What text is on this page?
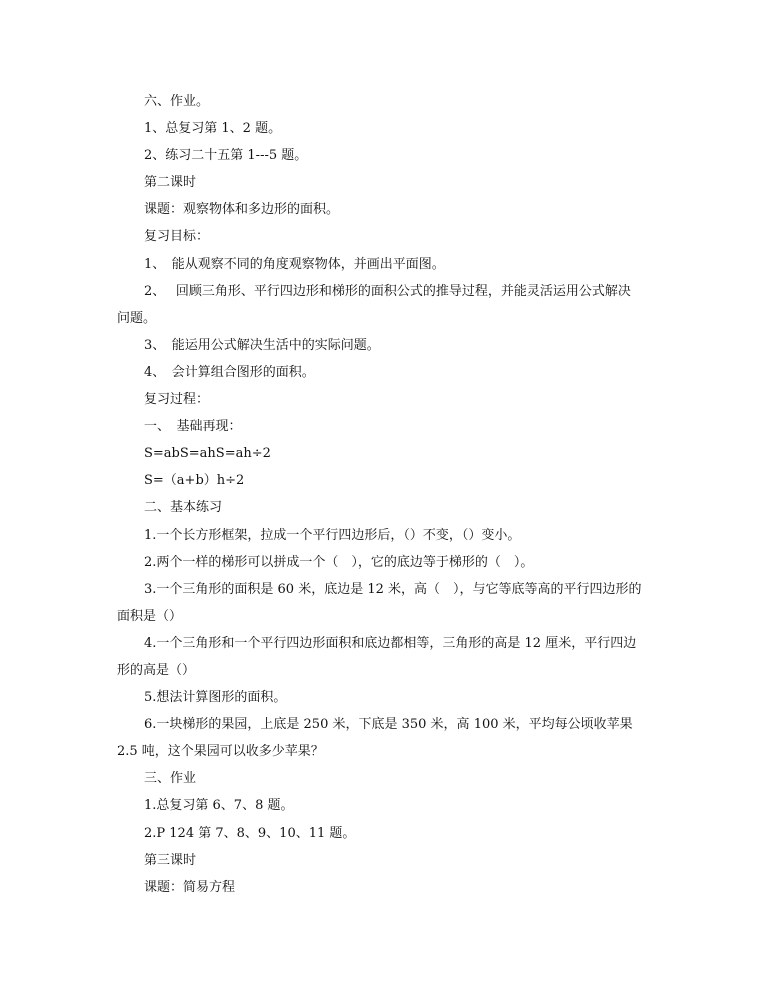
六、作业。
1、总复习第 1、2 题。
2、练习二十五第 1---5 题。
第二课时
课题：观察物体和多边形的面积。
复习目标：
1、　能从观察不同的角度观察物体，并画出平面图。
2、　 回顾三角形、平行四边形和梯形的面积公式的推导过程，并能灵活运用公式解决
问题。
3、　能运用公式解决生活中的实际问题。
4、　会计算组合图形的面积。
复习过程：
一、　基础再现：
S=abS=ahS=ah÷2
S=（a+b）h÷2
二、基本练习
1.一个长方形框架，拉成一个平行四边形后，（）不变，（）变小。
2.两个一样的梯形可以拼成一个（　），它的底边等于梯形的（　）。
3.一个三角形的面积是 60 米，底边是 12 米，高（　），与它等底等高的平行四边形的
面积是（）
4.一个三角形和一个平行四边形面积和底边都相等，三角形的高是 12 厘米，平行四边
形的高是（）
5.想法计算图形的面积。
6.一块梯形的果园，上底是 250 米，下底是 350 米，高 100 米，平均每公顷收苹果
2.5 吨，这个果园可以收多少苹果？
三、作业
1.总复习第 6、7、8 题。
2.P 124 第 7、8、9、10、11 题。
第三课时
课题：简易方程
